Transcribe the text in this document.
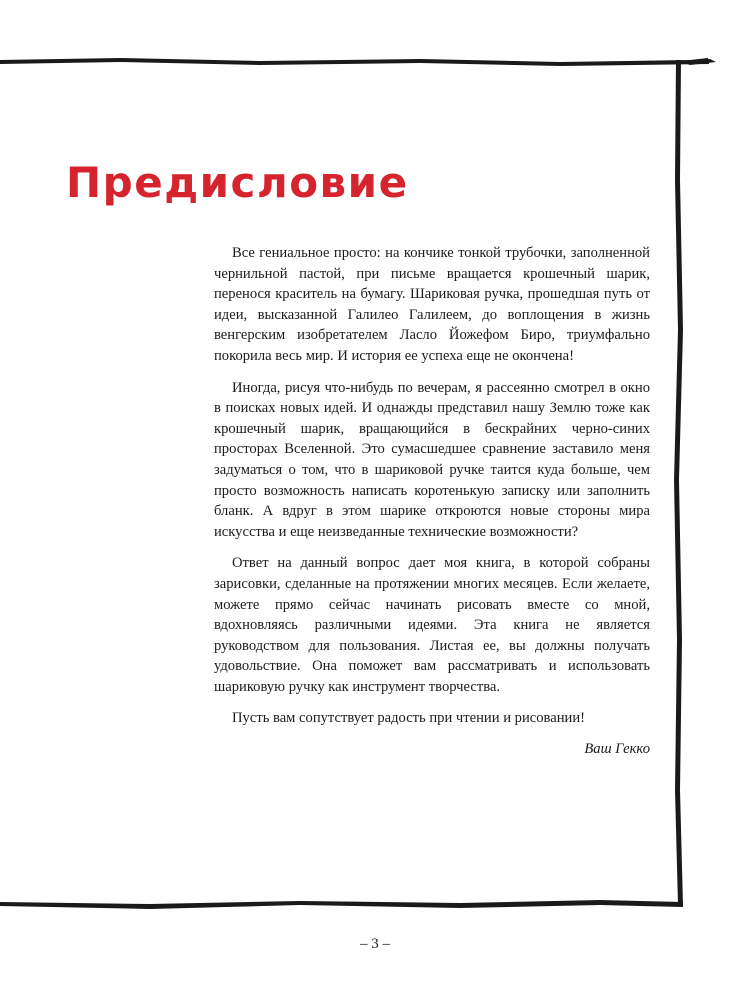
Предисловие

Все гениальное просто: на кончике тонкой трубочки, заполненной чернильной пастой, при письме вращается крошечный шарик, перенося краситель на бумагу. Шариковая ручка, прошедшая путь от идеи, высказанной Галилео Галилеем, до воплощения в жизнь венгерским изобретателем Ласло Йожефом Биро, триумфально покорила весь мир. И история ее успеха еще не окончена!

Иногда, рисуя что-нибудь по вечерам, я рассеянно смотрел в окно в поисках новых идей. И однажды представил нашу Землю тоже как крошечный шарик, вращающийся в бескрайних черно-синих просторах Вселенной. Это сумасшедшее сравнение заставило меня задуматься о том, что в шариковой ручке таится куда больше, чем просто возможность написать коротенькую записку или заполнить бланк. А вдруг в этом шарике откроются новые стороны мира искусства и еще неизведанные технические возможности?

Ответ на данный вопрос дает моя книга, в которой собраны зарисовки, сделанные на протяжении многих месяцев. Если желаете, можете прямо сейчас начинать рисовать вместе со мной, вдохновляясь различными идеями. Эта книга не является руководством для пользования. Листая ее, вы должны получать удовольствие. Она поможет вам рассматривать и использовать шариковую ручку как инструмент творчества.

Пусть вам сопутствует радость при чтении и рисовании!

Ваш Гекко
– 3 –
